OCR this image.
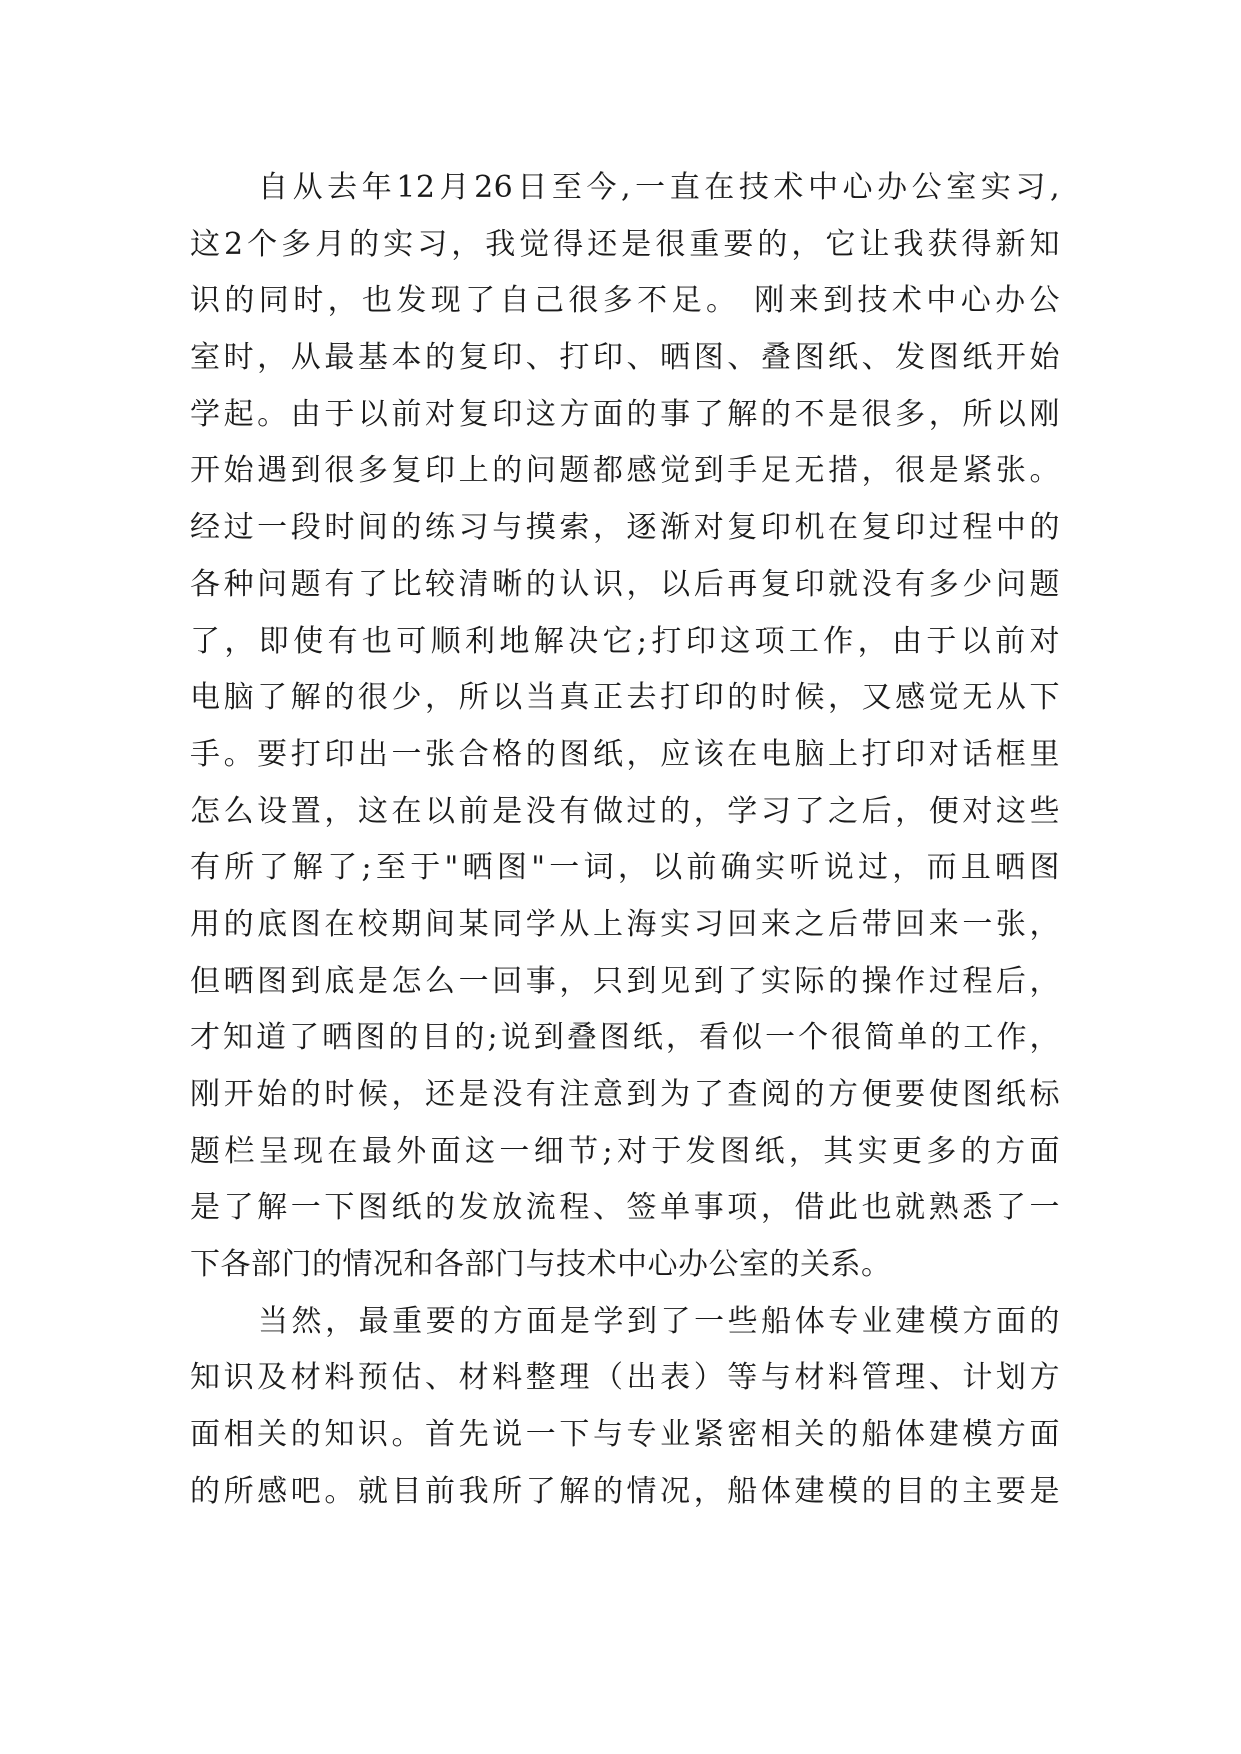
自从去年12月26日至今,一直在技术中心办公室实习,
这2个多月的实习，我觉得还是很重要的，它让我获得新知
识的同时，也发现了自己很多不足。 刚来到技术中心办公
室时，从最基本的复印、打印、晒图、叠图纸、发图纸开始
学起。由于以前对复印这方面的事了解的不是很多，所以刚
开始遇到很多复印上的问题都感觉到手足无措，很是紧张。
经过一段时间的练习与摸索，逐渐对复印机在复印过程中的
各种问题有了比较清晰的认识，以后再复印就没有多少问题
了，即使有也可顺利地解决它;打印这项工作，由于以前对
电脑了解的很少，所以当真正去打印的时候，又感觉无从下
手。要打印出一张合格的图纸，应该在电脑上打印对话框里
怎么设置，这在以前是没有做过的，学习了之后，便对这些
有所了解了;至于"晒图"一词，以前确实听说过，而且晒图
用的底图在校期间某同学从上海实习回来之后带回来一张，
但晒图到底是怎么一回事，只到见到了实际的操作过程后，
才知道了晒图的目的;说到叠图纸，看似一个很简单的工作，
刚开始的时候，还是没有注意到为了查阅的方便要使图纸标
题栏呈现在最外面这一细节;对于发图纸，其实更多的方面
是了解一下图纸的发放流程、签单事项，借此也就熟悉了一
下各部门的情况和各部门与技术中心办公室的关系。
当然，最重要的方面是学到了一些船体专业建模方面的
知识及材料预估、材料整理（出表）等与材料管理、计划方
面相关的知识。首先说一下与专业紧密相关的船体建模方面
的所感吧。就目前我所了解的情况，船体建模的目的主要是
